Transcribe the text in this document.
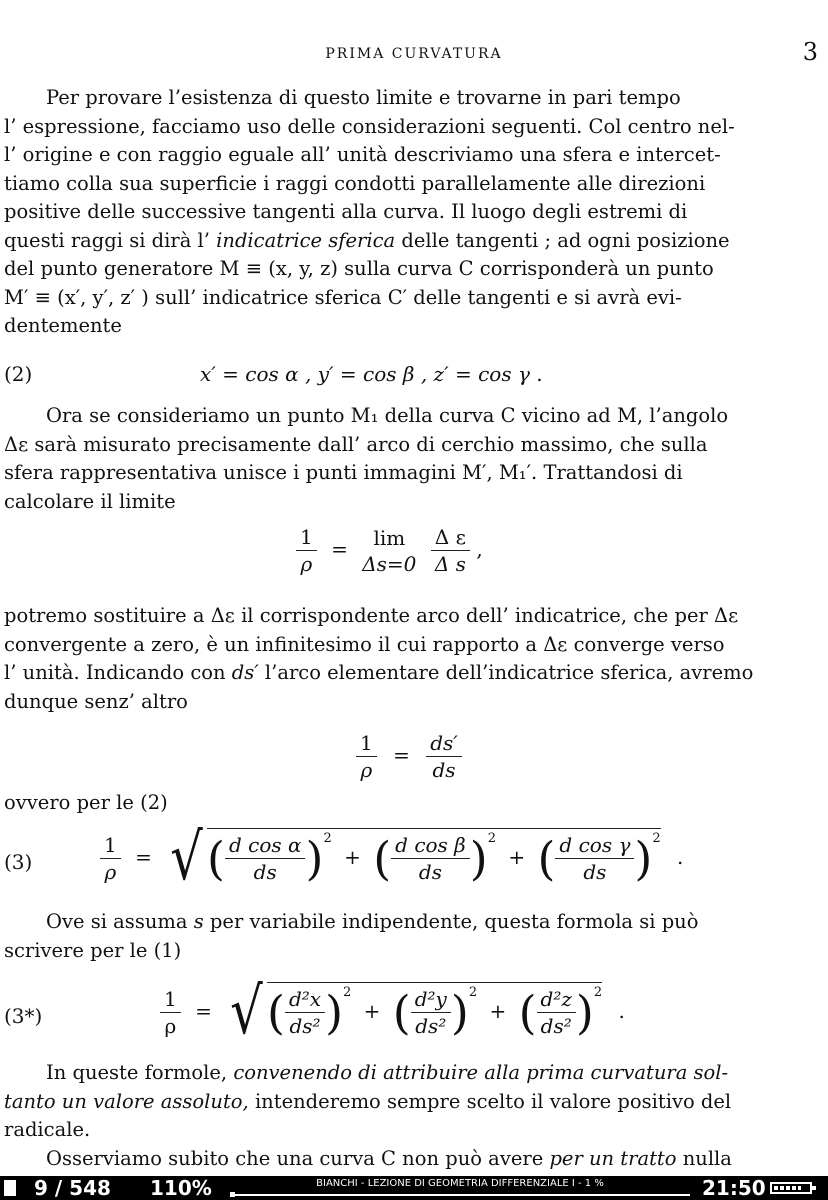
PRIMA CURVATURA	3
Per provare l’esistenza di questo limite e trovarne in pari tempo
l’ espressione, facciamo uso delle considerazioni seguenti. Col centro nel-
l’ origine e con raggio eguale all’ unità descriviamo una sfera e intercet-
tiamo colla sua superficie i raggi condotti parallelamente alle direzioni
positive delle successive tangenti alla curva. Il luogo degli estremi di
questi raggi si dirà l’ indicatrice sferica delle tangenti ; ad ogni posizione
del punto generatore M ≡ (x, y, z) sulla curva C corrisponderà un punto
M′ ≡ (x′, y′, z′ ) sull’ indicatrice sferica C′ delle tangenti e si avrà evi-
dentemente
(2)	x′ = cos α , y′ = cos β , z′ = cos γ .
Ora se consideriamo un punto M₁ della curva C vicino ad M, l’angolo
Δε sarà misurato precisamente dall’ arco di cerchio massimo, che sulla
sfera rappresentativa unisce i punti immagini M′, M₁′. Trattandosi di
calcolare il limite
$\frac{1}{\rho}$ =	lim
Δs=0
$\frac{\text{Δ ε}}{\text{Δ s}}$ ,
potremo sostituire a Δε il corrispondente arco dell’ indicatrice, che per Δε
convergente a zero, è un infinitesimo il cui rapporto a Δε converge verso
l’ unità. Indicando con ds′ l’arco elementare dell’indicatrice sferica, avremo
dunque senz’ altro
$\frac{1}{\rho} = \frac{ds'}{ds}$
ovvero per le (2)
(3)	$\frac{1}{\rho}$ = √( $\frac{\text{d cos α}}{ds} )^2$ + ( $\frac{\text{d cos β}}{ds} )^2$ + ( $\frac{\text{d cos γ}}{ds} )^2$ .
Ove si assuma s per variabile indipendente, questa formola si può
scrivere per le (1)
(3*)	$\frac{1}{\rho}$ = √( $\frac{\text{d²x}}{\text{ds²}} )^2$ + ( $\frac{\text{d²y}}{\text{ds²}} )^2$ + ( $\frac{\text{d²z}}{\text{ds²}} )^2$ .
In queste formole, convenendo di attribuire alla prima curvatura sol-
tanto un valore assoluto, intenderemo sempre scelto il valore positivo del
radicale.
Osserviamo subito che una curva C non può avere per un tratto nulla
9 / 548 110%	BIANCHI - LEZIONE DI GEOMETRIA DIFFERENZIALE I - 1 %	21:50
